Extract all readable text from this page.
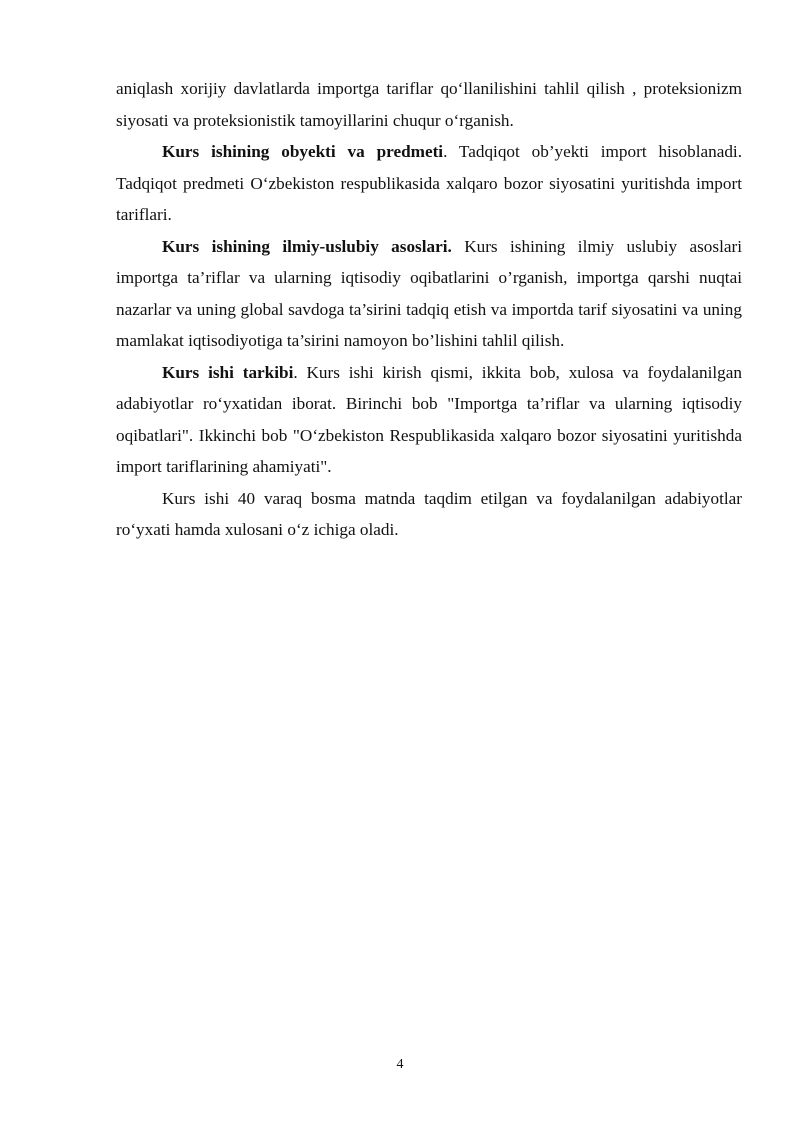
aniqlash xorijiy davlatlarda importga tariflar qo‘llanilishini tahlil qilish , proteksionizm siyosati va proteksionistik tamoyillarini chuqur o‘rganish.

Kurs ishining obyekti va predmeti. Tadqiqot ob’yekti import hisoblanadi. Tadqiqot predmeti O‘zbekiston respublikasida xalqaro bozor siyosatini yuritishda import tariflari.

Kurs ishining ilmiy-uslubiy asoslari. Kurs ishining ilmiy uslubiy asoslari importga ta’riflar va ularning iqtisodiy oqibatlarini o’rganish, importga qarshi nuqtai nazarlar va uning global savdoga ta’sirini tadqiq etish va importda tarif siyosatini va uning mamlakat iqtisodiyotiga ta’sirini namoyon bo’lishini tahlil qilish.

Kurs ishi tarkibi. Kurs ishi kirish qismi, ikkita bob, xulosa va foydalanilgan adabiyotlar ro‘yxatidan iborat. Birinchi bob "Importga ta’riflar va ularning iqtisodiy oqibatlari". Ikkinchi bob "O‘zbekiston Respublikasida xalqaro bozor siyosatini yuritishda import tariflarining ahamiyati".

Kurs ishi 40 varaq bosma matnda taqdim etilgan va foydalanilgan adabiyotlar ro‘yxati hamda xulosani o‘z ichiga oladi.

4
